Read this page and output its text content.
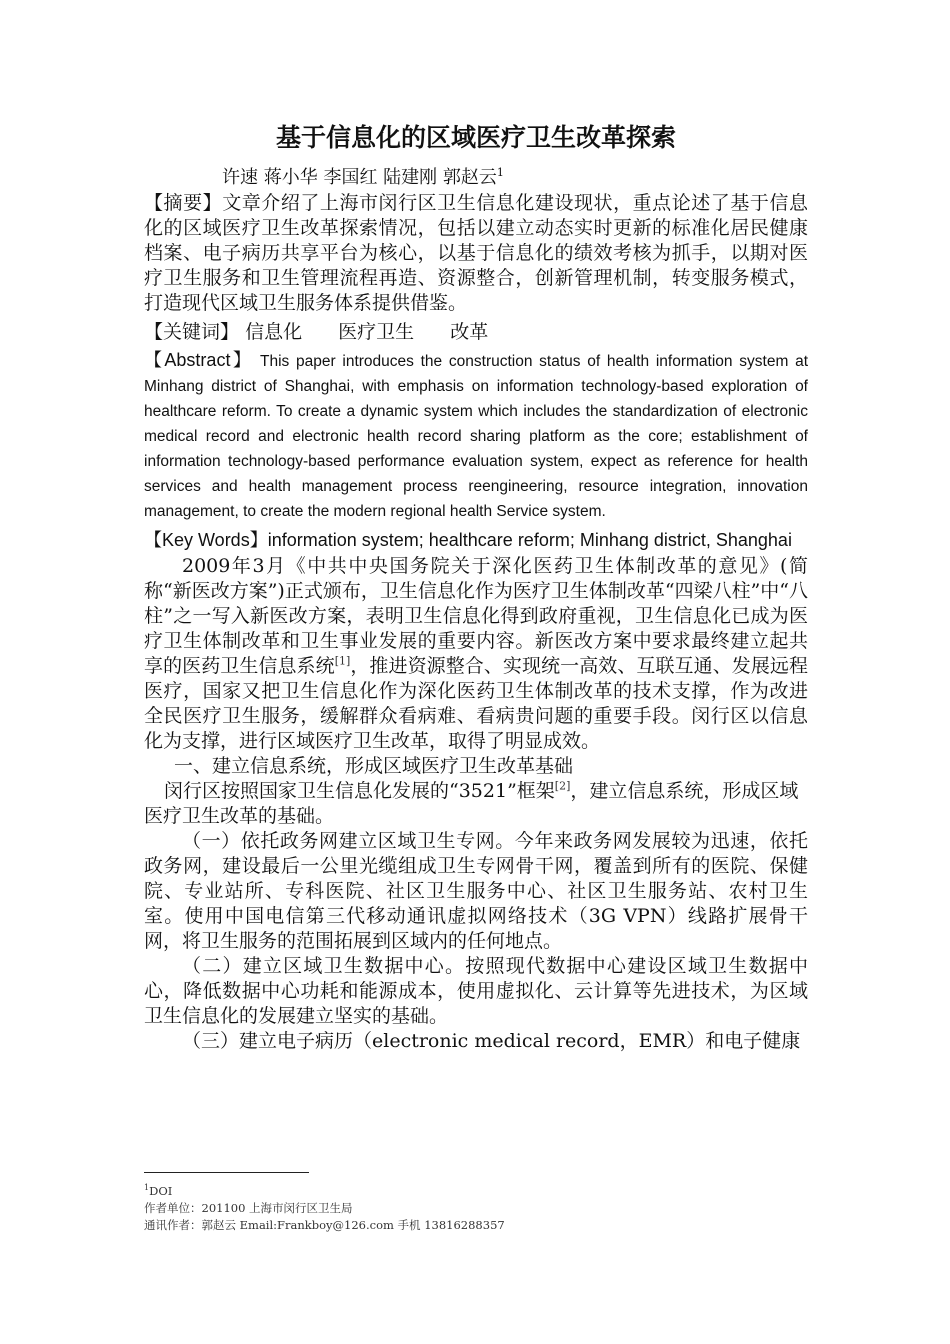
基于信息化的区域医疗卫生改革探索
许速 蒋小华 李国红 陆建刚 郭赵云$^1$

【摘要】文章介绍了上海市闵行区卫生信息化建设现状，重点论述了基于信息化的区域医疗卫生改革探索情况，包括以建立动态实时更新的标准化居民健康档案、电子病历共享平台为核心，以基于信息化的绩效考核为抓手，以期对医疗卫生服务和卫生管理流程再造、资源整合，创新管理机制，转变服务模式，打造现代区域卫生服务体系提供借鉴。

【关键词】 信息化 医疗卫生 改革

【Abstract】 This paper introduces the construction status of health information system at Minhang district of Shanghai, with emphasis on information technology-based exploration of healthcare reform. To create a dynamic system which includes the standardization of electronic medical record and electronic health record sharing platform as the core; establishment of information technology-based performance evaluation system, expect as reference for health services and health management process reengineering, resource integration, innovation management, to create the modern regional health Service system.

【Key Words】information system; healthcare reform; Minhang district, Shanghai

2009年3月《中共中央国务院关于深化医药卫生体制改革的意见》(简称“新医改方案”)正式颁布，卫生信息化作为医疗卫生体制改革“四梁八柱”中“八柱”之一写入新医改方案，表明卫生信息化得到政府重视，卫生信息化已成为医疗卫生体制改革和卫生事业发展的重要内容。新医改方案中要求最终建立起共享的医药卫生信息系统[1]，推进资源整合、实现统一高效、互联互通、发展远程医疗，国家又把卫生信息化作为深化医药卫生体制改革的技术支撑，作为改进全民医疗卫生服务，缓解群众看病难、看病贵问题的重要手段。闵行区以信息化为支撑，进行区域医疗卫生改革，取得了明显成效。

一、建立信息系统，形成区域医疗卫生改革基础

闵行区按照国家卫生信息化发展的“3521”框架[2]，建立信息系统，形成区域医疗卫生改革的基础。

（一）依托政务网建立区域卫生专网。今年来政务网发展较为迅速，依托政务网，建设最后一公里光缆组成卫生专网骨干网，覆盖到所有的医院、保健院、专业站所、专科医院、社区卫生服务中心、社区卫生服务站、农村卫生室。使用中国电信第三代移动通讯虚拟网络技术（3G VPN）线路扩展骨干网，将卫生服务的范围拓展到区域内的任何地点。

（二）建立区域卫生数据中心。按照现代数据中心建设区域卫生数据中心，降低数据中心功耗和能源成本，使用虚拟化、云计算等先进技术，为区域卫生信息化的发展建立坚实的基础。

（三）建立电子病历（electronic medical record，EMR）和电子健康

$^1$DOI

作者单位：201100 上海市闵行区卫生局

通讯作者：郭赵云 Email:Frankboy@126.com 手机 13816288357
